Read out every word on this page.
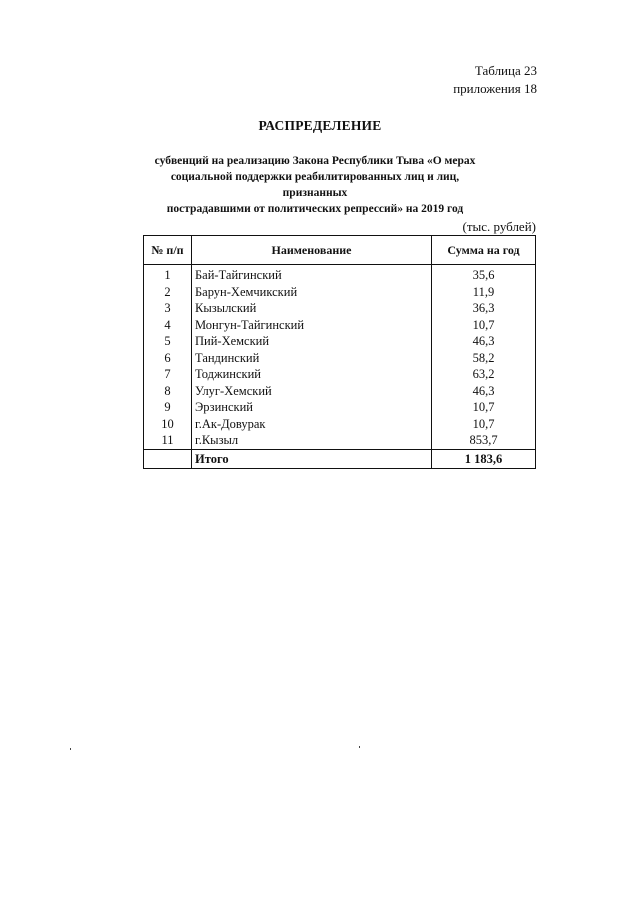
Таблица 23
приложения 18
РАСПРЕДЕЛЕНИЕ
субвенций на реализацию Закона Республики Тыва «О мерах
социальной поддержки реабилитированных лиц и лиц, признанных
пострадавшими от политических репрессий» на 2019 год
(тыс. рублей)
№ п/п	Наименование	Сумма на год
1	Бай-Тайгинский	35,6
2	Барун-Хемчикский	11,9
3	Кызылский	36,3
4	Монгун-Тайгинский	10,7
5	Пий-Хемский	46,3
6	Тандинский	58,2
7	Тоджинский	63,2
8	Улуг-Хемский	46,3
9	Эрзинский	10,7
10	г.Ак-Довурак	10,7
11	г.Кызыл	853,7
	Итого	1 183,6
